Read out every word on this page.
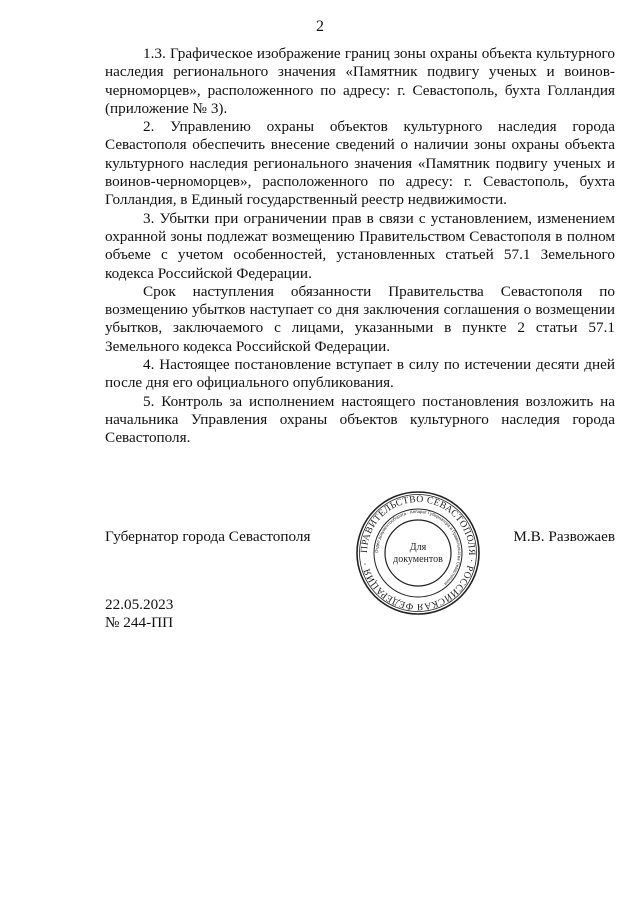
2

1.3. Графическое изображение границ зоны охраны объекта культурного наследия регионального значения «Памятник подвигу ученых и воинов-черноморцев», расположенного по адресу: г. Севастополь, бухта Голландия (приложение № 3).

2. Управлению охраны объектов культурного наследия города Севастополя обеспечить внесение сведений о наличии зоны охраны объекта культурного наследия регионального значения «Памятник подвигу ученых и воинов-черноморцев», расположенного по адресу: г. Севастополь, бухта Голландия, в Единый государственный реестр недвижимости.

3. Убытки при ограничении прав в связи с установлением, изменением охранной зоны подлежат возмещению Правительством Севастополя в полном объеме с учетом особенностей, установленных статьей 57.1 Земельного кодекса Российской Федерации.

Срок наступления обязанности Правительства Севастополя по возмещению убытков наступает со дня заключения соглашения о возмещении убытков, заключаемого с лицами, указанными в пункте 2 статьи 57.1 Земельного кодекса Российской Федерации.

4. Настоящее постановление вступает в силу по истечении десяти дней после дня его официального опубликования.

5. Контроль за исполнением настоящего постановления возложить на начальника Управления охраны объектов культурного наследия города Севастополя.

Губернатор города Севастополя	М.В. Развожаев
ПРАВИТЕЛЬСТВО СЕВАСТОПОЛЯ · РОССИЙСКАЯ ФЕДЕРАЦИЯ ·
Отдел документооборота · Аппарат Губернатора и Правительства Севастополя ·
Для
документов
22.05.2023
№ 244-ПП
